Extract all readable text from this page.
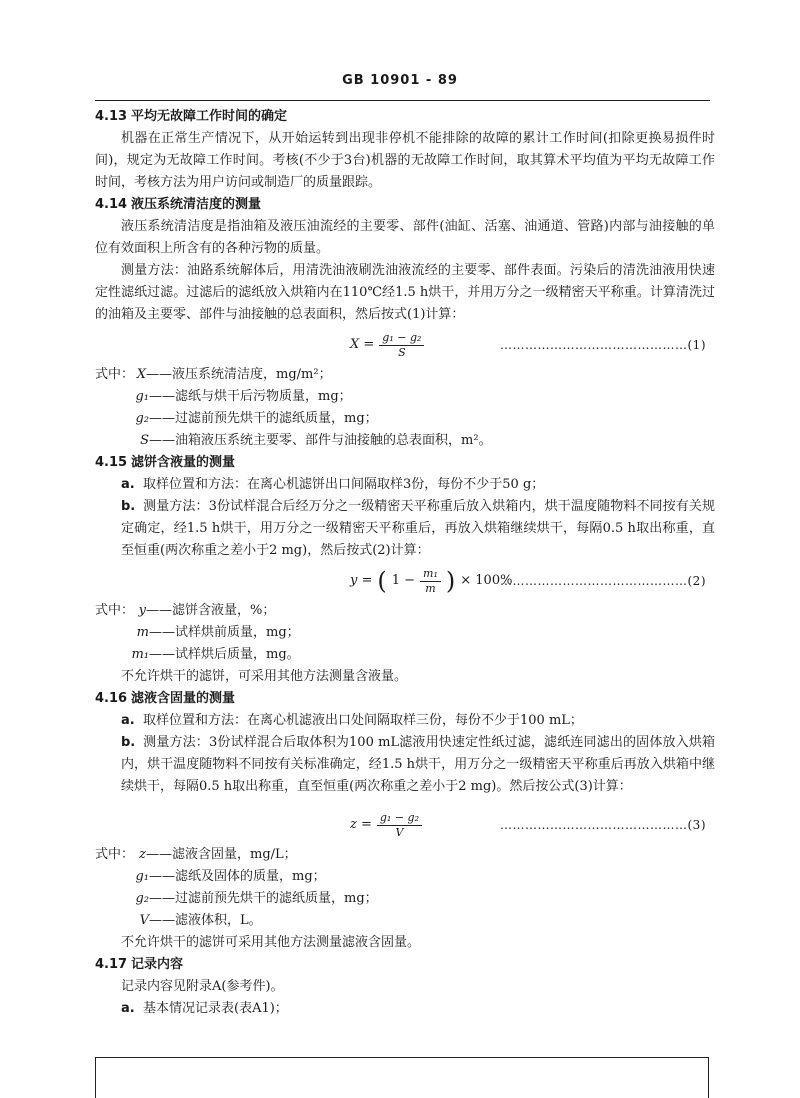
GB 10901 - 89
4.13 平均无故障工作时间的确定

机器在正常生产情况下，从开始运转到出现非停机不能排除的故障的累计工作时间(扣除更换易损件时间)，规定为无故障工作时间。考核(不少于3台)机器的无故障工作时间，取其算术平均值为平均无故障工作时间，考核方法为用户访问或制造厂的质量跟踪。

4.14 液压系统清洁度的测量

液压系统清洁度是指油箱及液压油流经的主要零、部件(油缸、活塞、油通道、管路)内部与油接触的单位有效面积上所含有的各种污物的质量。

测量方法：油路系统解体后，用清洗油液刷洗油液流经的主要零、部件表面。污染后的清洗油液用快速定性滤纸过滤。过滤后的滤纸放入烘箱内在110℃经1.5 h烘干，并用万分之一级精密天平称重。计算清洗过的油箱及主要零、部件与油接触的总表面积，然后按式(1)计算：

$X = \frac{\text{g₁ − g₂}}{S}$	………………………………………(1)
式中： X——液压系统清洁度，mg/m²；
g₁——滤纸与烘干后污物质量，mg；
g₂——过滤前预先烘干的滤纸质量，mg；
S——油箱液压系统主要零、部件与油接触的总表面积，m²。
4.15 滤饼含液量的测量
a. 取样位置和方法：在离心机滤饼出口间隔取样3份，每份不少于50 g；
b. 测量方法：3份试样混合后经万分之一级精密天平称重后放入烘箱内，烘干温度随物料不同按有关规定确定，经1.5 h烘干，用万分之一级精密天平称重后，再放入烘箱继续烘干，每隔0.5 h取出称重，直至恒重(两次称重之差小于2 mg)，然后按式(2)计算：
y = ( $1 - \frac{\text{m₁}}{m}$ ) × 100%
………………………………………(2)
式中： y——滤饼含液量，%；
m——试样烘前质量，mg；
m₁——试样烘后质量，mg。

不允许烘干的滤饼，可采用其他方法测量含液量。

4.16 滤液含固量的测量
a. 取样位置和方法：在离心机滤液出口处间隔取样三份，每份不少于100 mL；
b. 测量方法：3份试样混合后取体积为100 mL滤液用快速定性纸过滤，滤纸连同滤出的固体放入烘箱内，烘干温度随物料不同按有关标准确定，经1.5 h烘干，用万分之一级精密天平称重后再放入烘箱中继续烘干，每隔0.5 h取出称重，直至恒重(两次称重之差小于2 mg)。然后按公式(3)计算：
$z = \frac{\text{g₁ − g₂}}{V}$	………………………………………(3)
式中： z——滤液含固量，mg/L；
g₁——滤纸及固体的质量，mg；
g₂——过滤前预先烘干的滤纸质量，mg；
V——滤液体积，L。

不允许烘干的滤饼可采用其他方法测量滤液含固量。

4.17 记录内容

记录内容见附录A(参考件)。

a. 基本情况记录表(表A1)；
